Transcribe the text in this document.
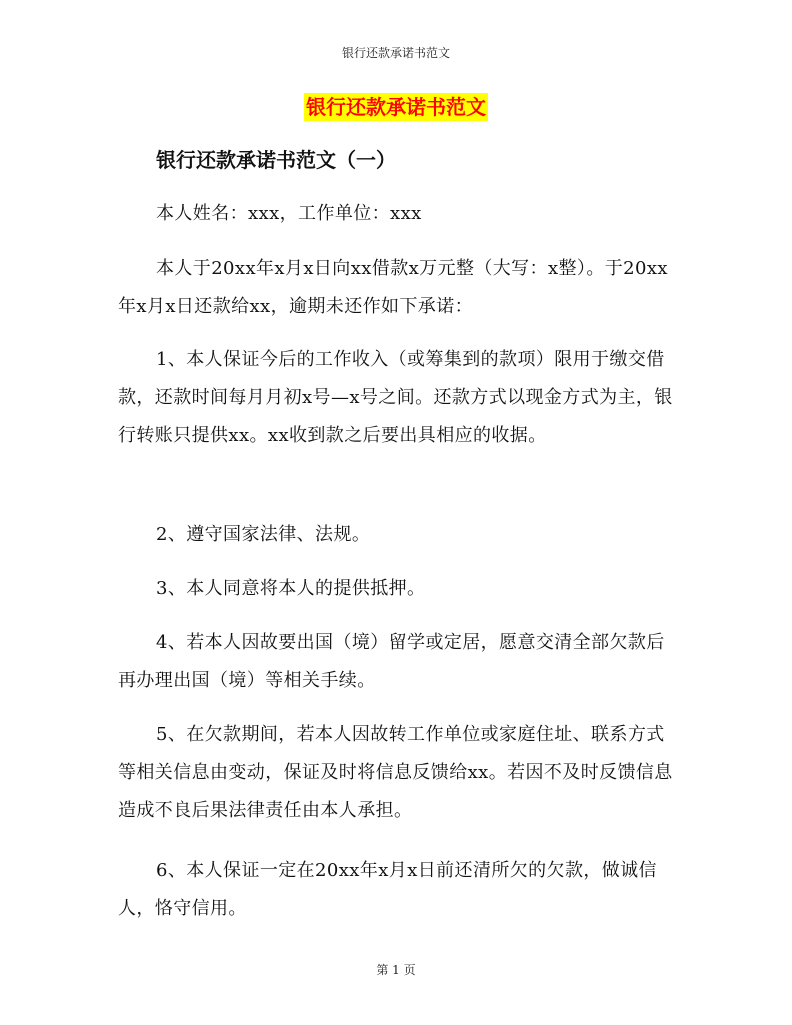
银行还款承诺书范文
银行还款承诺书范文
银行还款承诺书范文（一）

本人姓名：xxx，工作单位：xxx

本人于20xx年x月x日向xx借款x万元整（大写：x整）。于20xx年x月x日还款给xx，逾期未还作如下承诺：

1、本人保证今后的工作收入（或筹集到的款项）限用于缴交借款，还款时间每月月初x号—x号之间。还款方式以现金方式为主，银行转账只提供xx。xx收到款之后要出具相应的收据。

2、遵守国家法律、法规。

3、本人同意将本人的提供抵押。

4、若本人因故要出国（境）留学或定居，愿意交清全部欠款后再办理出国（境）等相关手续。

5、在欠款期间，若本人因故转工作单位或家庭住址、联系方式等相关信息由变动，保证及时将信息反馈给xx。若因不及时反馈信息造成不良后果法律责任由本人承担。

6、本人保证一定在20xx年x月x日前还清所欠的欠款，做诚信人，恪守信用。

第 1 页
